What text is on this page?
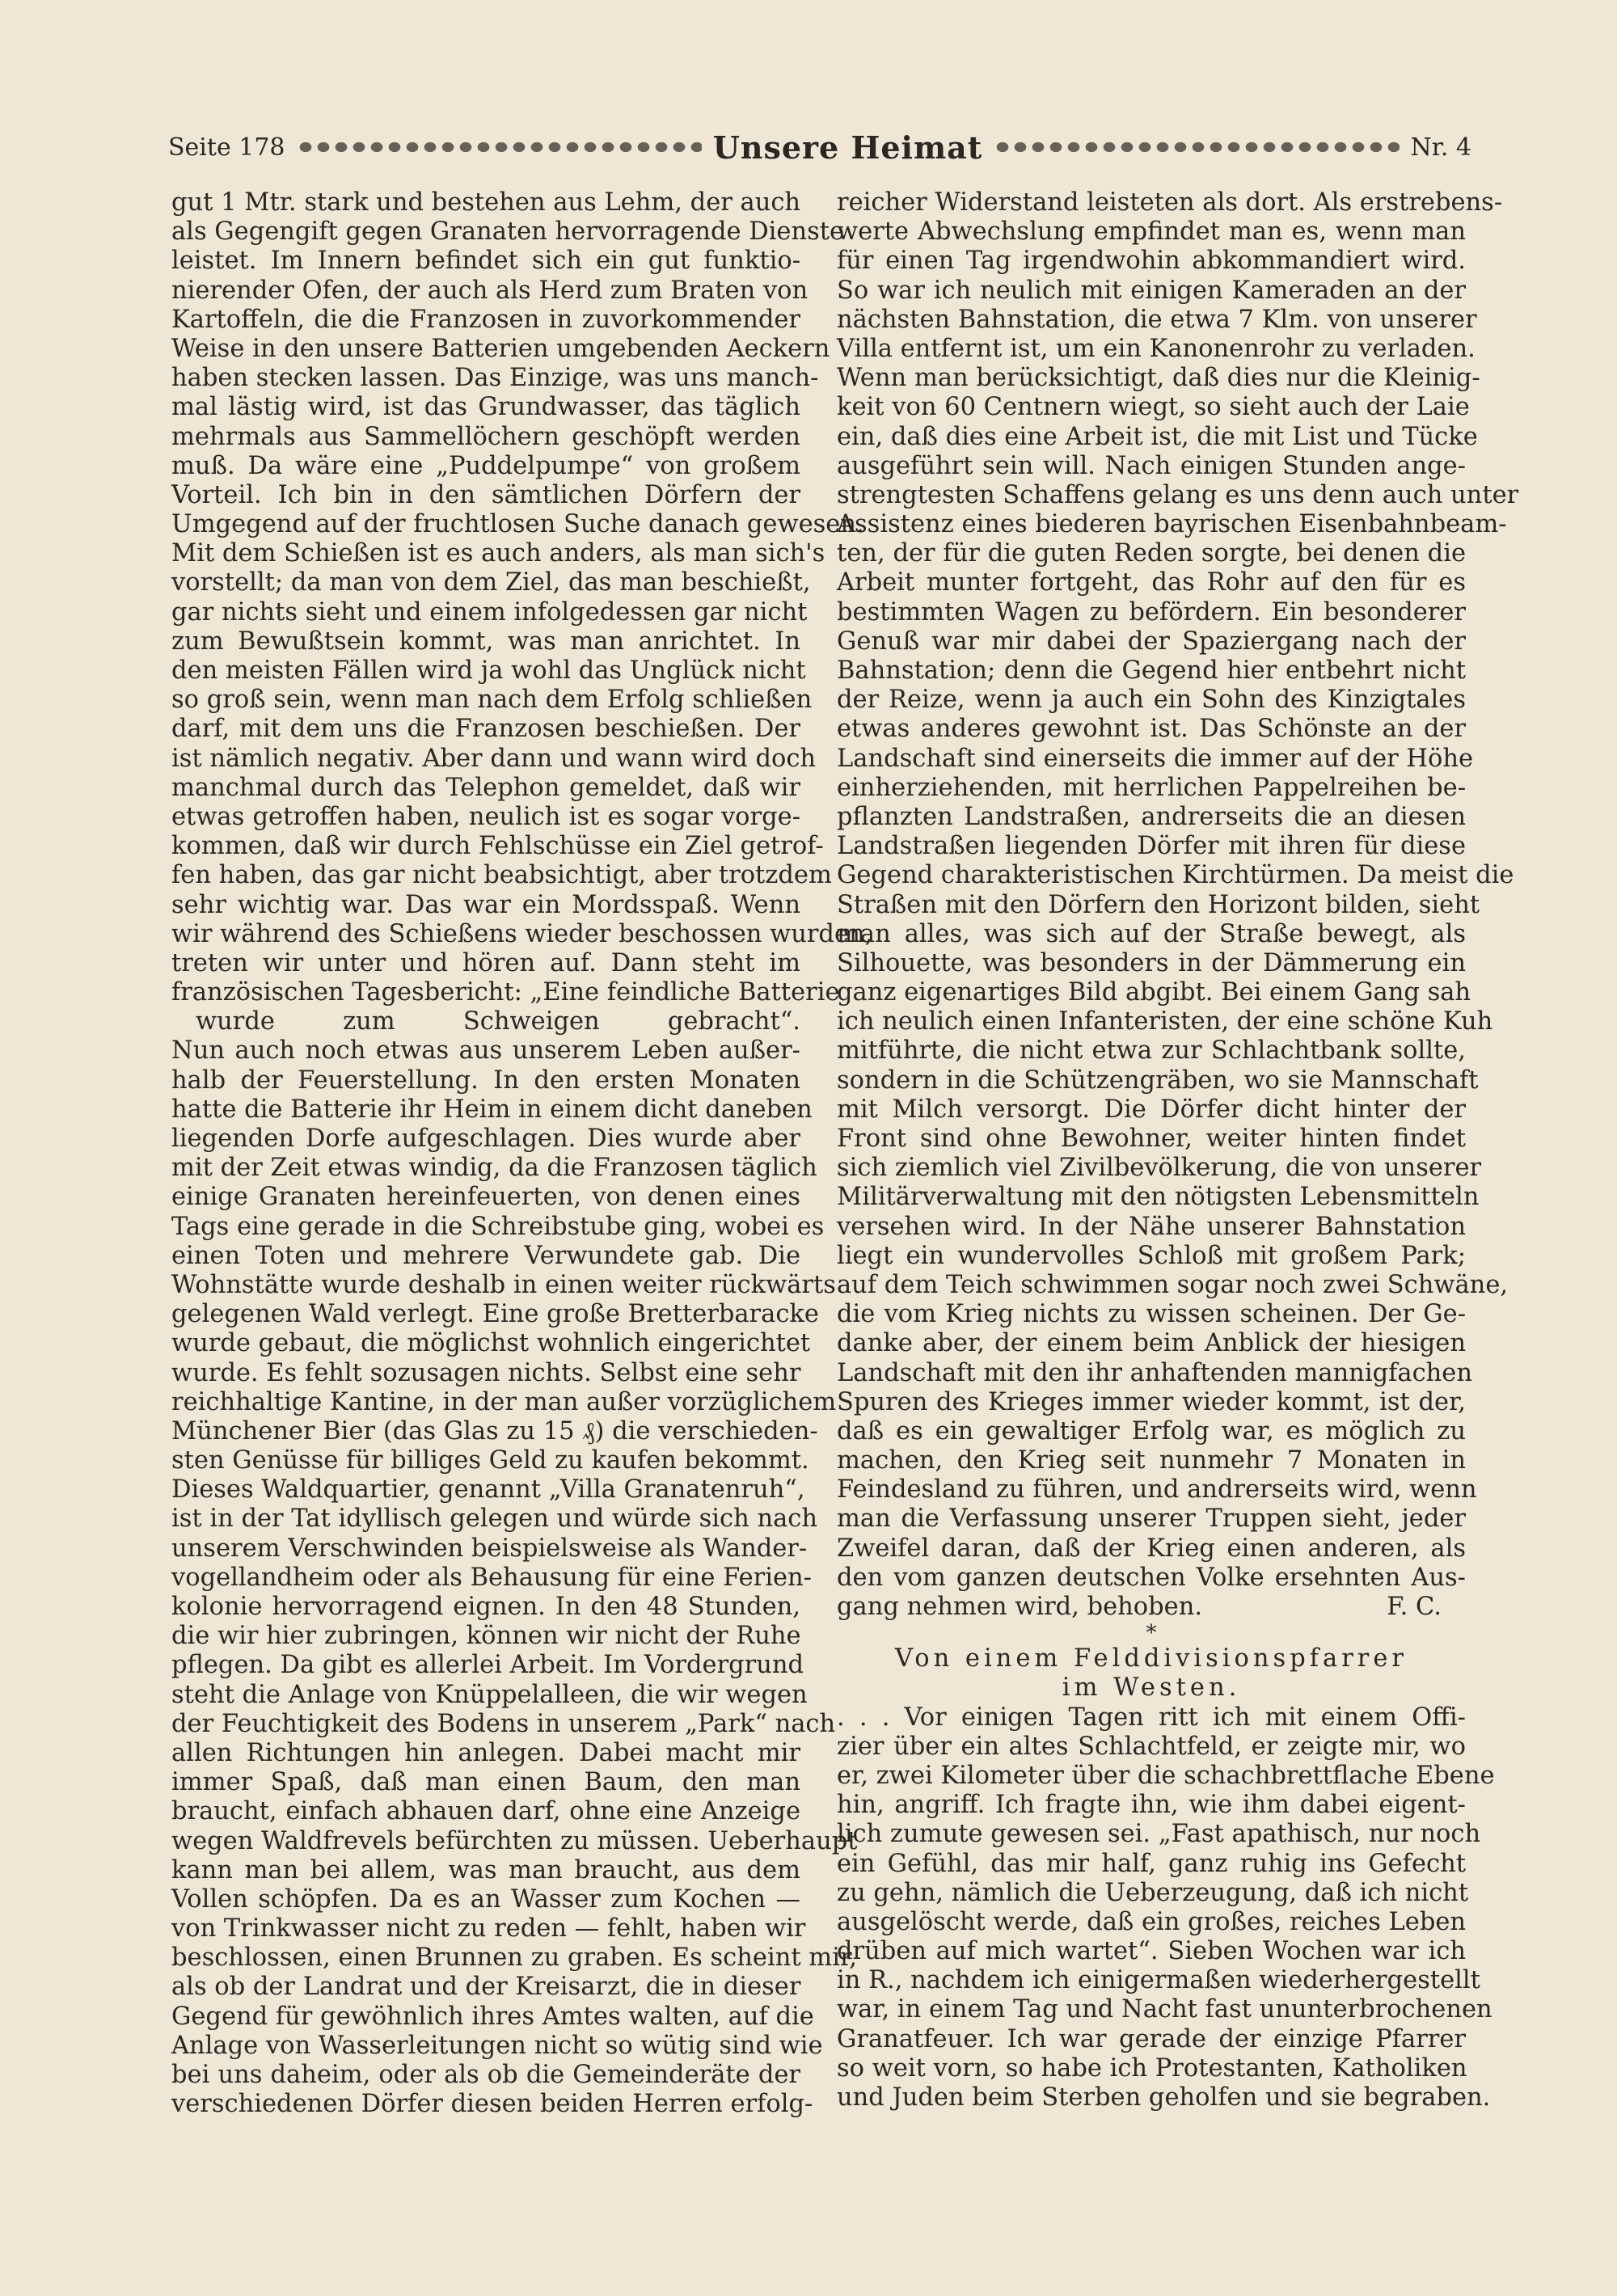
Seite 178	Unsere Heimat	Nr. 4
gut 1 Mtr. stark und bestehen aus Lehm, der auch
als Gegengift gegen Granaten hervorragende Dienste
leistet. Im Innern befindet sich ein gut funktio-
nierender Ofen, der auch als Herd zum Braten von
Kartoffeln, die die Franzosen in zuvorkommender
Weise in den unsere Batterien umgebenden Aeckern
haben stecken lassen. Das Einzige, was uns manch-
mal lästig wird, ist das Grundwasser, das täglich
mehrmals aus Sammellöchern geschöpft werden
muß. Da wäre eine „Puddelpumpe“ von großem
Vorteil. Ich bin in den sämtlichen Dörfern der
Umgegend auf der fruchtlosen Suche danach gewesen.
Mit dem Schießen ist es auch anders, als man sich's
vorstellt; da man von dem Ziel, das man beschießt,
gar nichts sieht und einem infolgedessen gar nicht
zum Bewußtsein kommt, was man anrichtet. In
den meisten Fällen wird ja wohl das Unglück nicht
so groß sein, wenn man nach dem Erfolg schließen
darf, mit dem uns die Franzosen beschießen. Der
ist nämlich negativ. Aber dann und wann wird doch
manchmal durch das Telephon gemeldet, daß wir
etwas getroffen haben, neulich ist es sogar vorge-
kommen, daß wir durch Fehlschüsse ein Ziel getrof-
fen haben, das gar nicht beabsichtigt, aber trotzdem
sehr wichtig war. Das war ein Mordsspaß. Wenn
wir während des Schießens wieder beschossen wurden,
treten wir unter und hören auf. Dann steht im
französischen Tagesbericht: „Eine feindliche Batterie
wurde zum Schweigen gebracht“.
Nun auch noch etwas aus unserem Leben außer-
halb der Feuerstellung. In den ersten Monaten
hatte die Batterie ihr Heim in einem dicht daneben
liegenden Dorfe aufgeschlagen. Dies wurde aber
mit der Zeit etwas windig, da die Franzosen täglich
einige Granaten hereinfeuerten, von denen eines
Tags eine gerade in die Schreibstube ging, wobei es
einen Toten und mehrere Verwundete gab. Die
Wohnstätte wurde deshalb in einen weiter rückwärts
gelegenen Wald verlegt. Eine große Bretterbaracke
wurde gebaut, die möglichst wohnlich eingerichtet
wurde. Es fehlt sozusagen nichts. Selbst eine sehr
reichhaltige Kantine, in der man außer vorzüglichem
Münchener Bier (das Glas zu 15 ₰) die verschieden-
sten Genüsse für billiges Geld zu kaufen bekommt.
Dieses Waldquartier, genannt „Villa Granatenruh“,
ist in der Tat idyllisch gelegen und würde sich nach
unserem Verschwinden beispielsweise als Wander-
vogellandheim oder als Behausung für eine Ferien-
kolonie hervorragend eignen. In den 48 Stunden,
die wir hier zubringen, können wir nicht der Ruhe
pflegen. Da gibt es allerlei Arbeit. Im Vordergrund
steht die Anlage von Knüppelalleen, die wir wegen
der Feuchtigkeit des Bodens in unserem „Park“ nach
allen Richtungen hin anlegen. Dabei macht mir
immer Spaß, daß man einen Baum, den man
braucht, einfach abhauen darf, ohne eine Anzeige
wegen Waldfrevels befürchten zu müssen. Ueberhaupt
kann man bei allem, was man braucht, aus dem
Vollen schöpfen. Da es an Wasser zum Kochen —
von Trinkwasser nicht zu reden — fehlt, haben wir
beschlossen, einen Brunnen zu graben. Es scheint mir,
als ob der Landrat und der Kreisarzt, die in dieser
Gegend für gewöhnlich ihres Amtes walten, auf die
Anlage von Wasserleitungen nicht so wütig sind wie
bei uns daheim, oder als ob die Gemeinderäte der
verschiedenen Dörfer diesen beiden Herren erfolg-
reicher Widerstand leisteten als dort. Als erstrebens-
werte Abwechslung empfindet man es, wenn man
für einen Tag irgendwohin abkommandiert wird.
So war ich neulich mit einigen Kameraden an der
nächsten Bahnstation, die etwa 7 Klm. von unserer
Villa entfernt ist, um ein Kanonenrohr zu verladen.
Wenn man berücksichtigt, daß dies nur die Kleinig-
keit von 60 Centnern wiegt, so sieht auch der Laie
ein, daß dies eine Arbeit ist, die mit List und Tücke
ausgeführt sein will. Nach einigen Stunden ange-
strengtesten Schaffens gelang es uns denn auch unter
Assistenz eines biederen bayrischen Eisenbahnbeam-
ten, der für die guten Reden sorgte, bei denen die
Arbeit munter fortgeht, das Rohr auf den für es
bestimmten Wagen zu befördern. Ein besonderer
Genuß war mir dabei der Spaziergang nach der
Bahnstation; denn die Gegend hier entbehrt nicht
der Reize, wenn ja auch ein Sohn des Kinzigtales
etwas anderes gewohnt ist. Das Schönste an der
Landschaft sind einerseits die immer auf der Höhe
einherziehenden, mit herrlichen Pappelreihen be-
pflanzten Landstraßen, andrerseits die an diesen
Landstraßen liegenden Dörfer mit ihren für diese
Gegend charakteristischen Kirchtürmen. Da meist die
Straßen mit den Dörfern den Horizont bilden, sieht
man alles, was sich auf der Straße bewegt, als
Silhouette, was besonders in der Dämmerung ein
ganz eigenartiges Bild abgibt. Bei einem Gang sah
ich neulich einen Infanteristen, der eine schöne Kuh
mitführte, die nicht etwa zur Schlachtbank sollte,
sondern in die Schützengräben, wo sie Mannschaft
mit Milch versorgt. Die Dörfer dicht hinter der
Front sind ohne Bewohner, weiter hinten findet
sich ziemlich viel Zivilbevölkerung, die von unserer
Militärverwaltung mit den nötigsten Lebensmitteln
versehen wird. In der Nähe unserer Bahnstation
liegt ein wundervolles Schloß mit großem Park;
auf dem Teich schwimmen sogar noch zwei Schwäne,
die vom Krieg nichts zu wissen scheinen. Der Ge-
danke aber, der einem beim Anblick der hiesigen
Landschaft mit den ihr anhaftenden mannigfachen
Spuren des Krieges immer wieder kommt, ist der,
daß es ein gewaltiger Erfolg war, es möglich zu
machen, den Krieg seit nunmehr 7 Monaten in
Feindesland zu führen, und andrerseits wird, wenn
man die Verfassung unserer Truppen sieht, jeder
Zweifel daran, daß der Krieg einen anderen, als
den vom ganzen deutschen Volke ersehnten Aus-
gang nehmen wird, behoben.	F. C.
*
Von einem Felddivisionspfarrer
im Westen.
. . . Vor einigen Tagen ritt ich mit einem Offi-
zier über ein altes Schlachtfeld, er zeigte mir, wo
er, zwei Kilometer über die schachbrettflache Ebene
hin, angriff. Ich fragte ihn, wie ihm dabei eigent-
lich zumute gewesen sei. „Fast apathisch, nur noch
ein Gefühl, das mir half, ganz ruhig ins Gefecht
zu gehn, nämlich die Ueberzeugung, daß ich nicht
ausgelöscht werde, daß ein großes, reiches Leben
drüben auf mich wartet“. Sieben Wochen war ich
in R., nachdem ich einigermaßen wiederhergestellt
war, in einem Tag und Nacht fast ununterbrochenen
Granatfeuer. Ich war gerade der einzige Pfarrer
so weit vorn, so habe ich Protestanten, Katholiken
und Juden beim Sterben geholfen und sie begraben.
